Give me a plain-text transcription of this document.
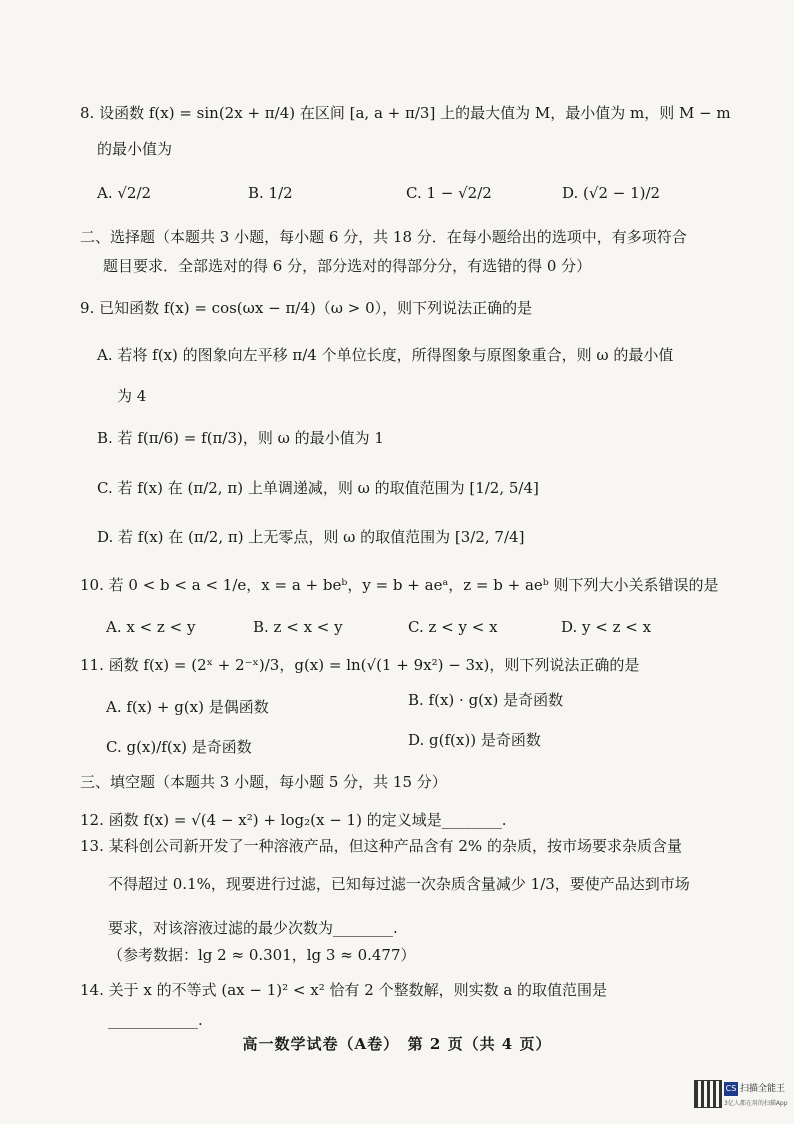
8. 设函数 f(x) = sin(2x + π/4) 在区间 [a, a + π/3] 上的最大值为 M，最小值为 m，则 M − m
的最小值为
A. √2/2	B. 1/2	C. 1 − √2/2	D. (√2 − 1)/2
二、选择题（本题共 3 小题，每小题 6 分，共 18 分．在每小题给出的选项中，有多项符合
题目要求．全部选对的得 6 分，部分选对的得部分分，有选错的得 0 分）
9. 已知函数 f(x) = cos(ωx − π/4)（ω > 0），则下列说法正确的是
A. 若将 f(x) 的图象向左平移 π/4 个单位长度，所得图象与原图象重合，则 ω 的最小值
为 4
B. 若 f(π/6) = f(π/3)，则 ω 的最小值为 1
C. 若 f(x) 在 (π/2, π) 上单调递减，则 ω 的取值范围为 [1/2, 5/4]
D. 若 f(x) 在 (π/2, π) 上无零点，则 ω 的取值范围为 [3/2, 7/4]
10. 若 0 < b < a < 1/e，x = a + beᵇ，y = b + aeᵃ，z = b + aeᵇ 则下列大小关系错误的是
A. x < z < y	B. z < x < y	C. z < y < x	D. y < z < x
11. 函数 f(x) = (2ˣ + 2⁻ˣ)/3，g(x) = ln(√(1 + 9x²) − 3x)，则下列说法正确的是
A. f(x) + g(x) 是偶函数	B. f(x) · g(x) 是奇函数
C. g(x)/f(x) 是奇函数	D. g(f(x)) 是奇函数
三、填空题（本题共 3 小题，每小题 5 分，共 15 分）
12. 函数 f(x) = √(4 − x²) + log₂(x − 1) 的定义域是________.
13. 某科创公司新开发了一种溶液产品，但这种产品含有 2% 的杂质，按市场要求杂质含量
不得超过 0.1%，现要进行过滤，已知每过滤一次杂质含量减少 1/3，要使产品达到市场
要求，对该溶液过滤的最少次数为________.
（参考数据：lg 2 ≈ 0.301，lg 3 ≈ 0.477）
14. 关于 x 的不等式 (ax − 1)² < x² 恰有 2 个整数解，则实数 a 的取值范围是
____________.
高一数学试卷（A卷）　第 2 页（共 4 页）
CS 扫描全能王
3亿人都在用的扫描App
